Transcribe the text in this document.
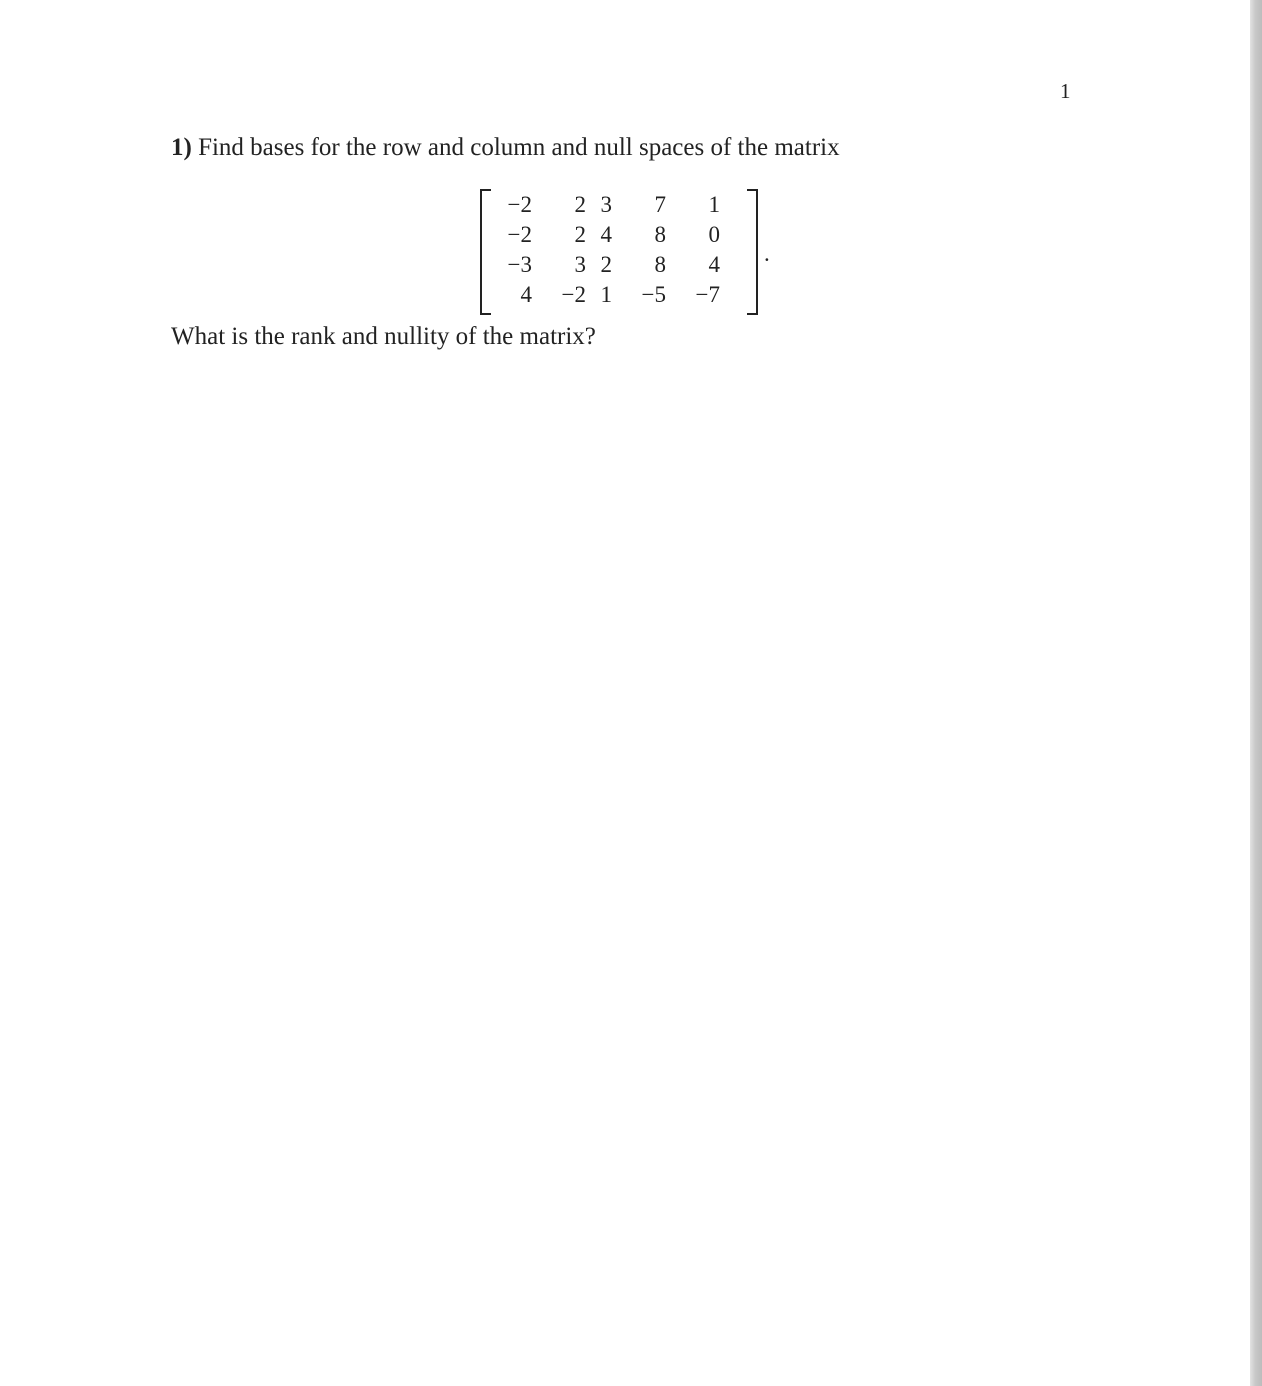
1
1) Find bases for the row and column and null spaces of the matrix
−2	2	3	7	1
−2	2	4	8	0
−3	3	2	8	4
4	−2	1	−5	−7
.
What is the rank and nullity of the matrix?
